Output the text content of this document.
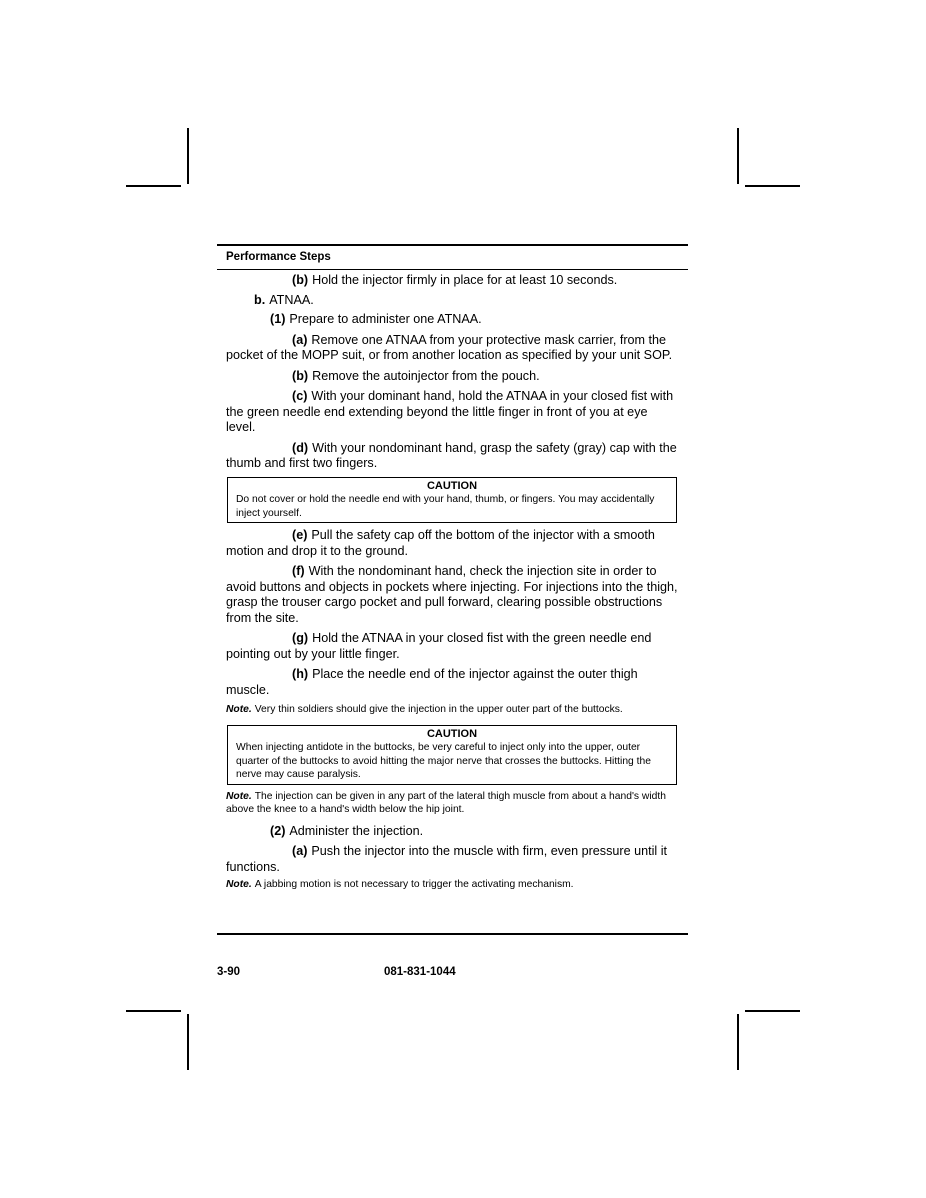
Performance Steps

(b) Hold the injector firmly in place for at least 10 seconds.

b. ATNAA.

(1) Prepare to administer one ATNAA.

(a) Remove one ATNAA from your protective mask carrier, from the pocket of the MOPP suit, or from another location as specified by your unit SOP.

(b) Remove the autoinjector from the pouch.

(c) With your dominant hand, hold the ATNAA in your closed fist with the green needle end extending beyond the little finger in front of you at eye level.

(d) With your nondominant hand, grasp the safety (gray) cap with the thumb and first two fingers.

CAUTION
Do not cover or hold the needle end with your hand, thumb, or fingers. You may accidentally inject yourself.

(e) Pull the safety cap off the bottom of the injector with a smooth motion and drop it to the ground.

(f) With the nondominant hand, check the injection site in order to avoid buttons and objects in pockets where injecting. For injections into the thigh, grasp the trouser cargo pocket and pull forward, clearing possible obstructions from the site.

(g) Hold the ATNAA in your closed fist with the green needle end pointing out by your little finger.

(h) Place the needle end of the injector against the outer thigh muscle.

Note. Very thin soldiers should give the injection in the upper outer part of the buttocks.

CAUTION
When injecting antidote in the buttocks, be very careful to inject only into the upper, outer quarter of the buttocks to avoid hitting the major nerve that crosses the buttocks. Hitting the nerve may cause paralysis.

Note. The injection can be given in any part of the lateral thigh muscle from about a hand's width above the knee to a hand's width below the hip joint.

(2) Administer the injection.

(a) Push the injector into the muscle with firm, even pressure until it functions.

Note. A jabbing motion is not necessary to trigger the activating mechanism.

3-90	081-831-1044
